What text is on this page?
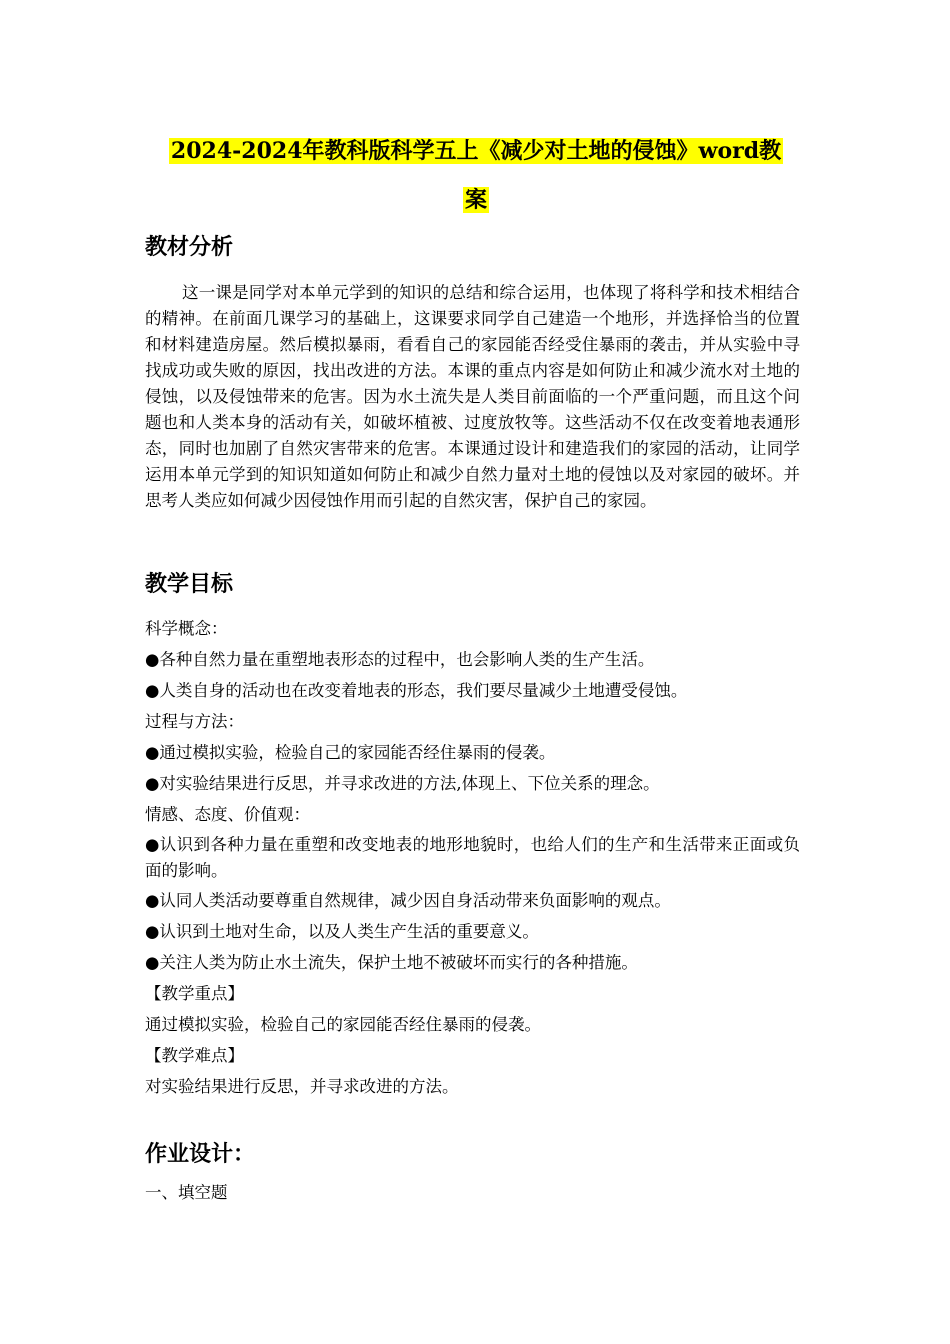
2024-2024年教科版科学五上《减少对土地的侵蚀》word教
案
教材分析
这一课是同学对本单元学到的知识的总结和综合运用，也体现了将科学和技术相结合的精神。在前面几课学习的基础上，这课要求同学自己建造一个地形，并选择恰当的位置和材料建造房屋。然后模拟暴雨，看看自己的家园能否经受住暴雨的袭击，并从实验中寻找成功或失败的原因，找出改进的方法。本课的重点内容是如何防止和减少流水对土地的侵蚀，以及侵蚀带来的危害。因为水土流失是人类目前面临的一个严重问题，而且这个问题也和人类本身的活动有关，如破坏植被、过度放牧等。这些活动不仅在改变着地表通形态，同时也加剧了自然灾害带来的危害。本课通过设计和建造我们的家园的活动，让同学运用本单元学到的知识知道如何防止和减少自然力量对土地的侵蚀以及对家园的破坏。并思考人类应如何减少因侵蚀作用而引起的自然灾害，保护自己的家园。
教学目标
科学概念：
●各种自然力量在重塑地表形态的过程中，也会影响人类的生产生活。
●人类自身的活动也在改变着地表的形态，我们要尽量减少土地遭受侵蚀。
过程与方法：
●通过模拟实验，检验自己的家园能否经住暴雨的侵袭。
●对实验结果进行反思，并寻求改进的方法,体现上、下位关系的理念。
情感、态度、价值观：
●认识到各种力量在重塑和改变地表的地形地貌时，也给人们的生产和生活带来正面或负面的影响。
●认同人类活动要尊重自然规律，减少因自身活动带来负面影响的观点。
●认识到土地对生命，以及人类生产生活的重要意义。
●关注人类为防止水土流失，保护土地不被破坏而实行的各种措施。
【教学重点】
通过模拟实验，检验自己的家园能否经住暴雨的侵袭。
【教学难点】
对实验结果进行反思，并寻求改进的方法。
作业设计：
一、填空题
